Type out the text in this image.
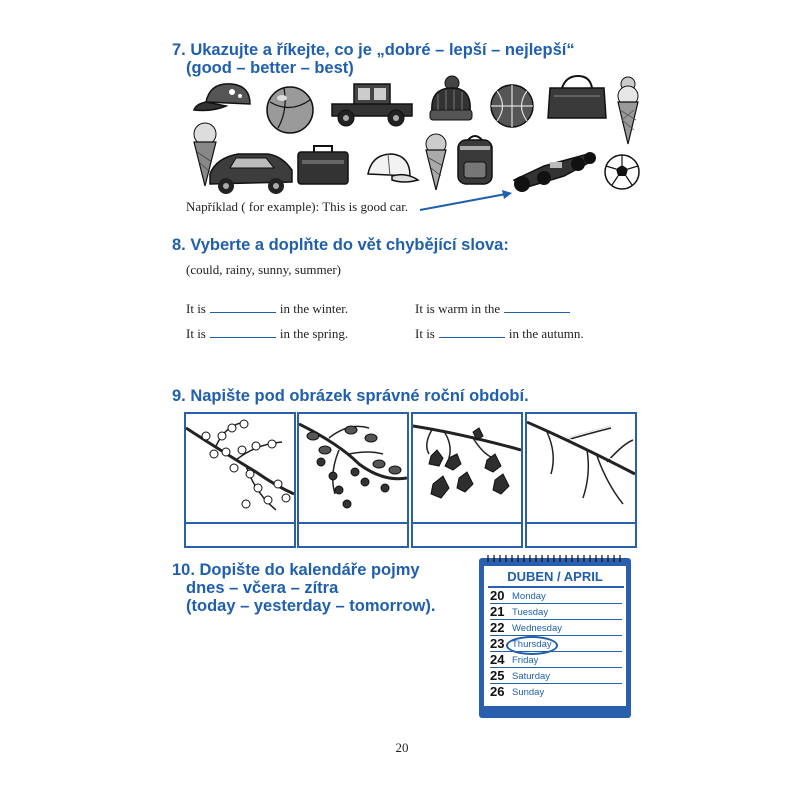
7. Ukazujte a říkejte, co je „dobré – lepší – nejlepší“
(good – better – best)
Například ( for example): This is good car.
8. Vyberte a doplňte do vět chybějící slova:
(could, rainy, sunny, summer)
It is	in the winter.	It is warm in the
It is	in the spring.	It is	in the autumn.
9. Napište pod obrázek správné roční období.
10. Dopište do kalendáře pojmy
dnes – včera – zítra
(today – yesterday – tomorrow).
DUBEN / APRIL
20 Monday
21 Tuesday
22 Wednesday
23 Thursday
24 Friday
25 Saturday
26 Sunday
20
